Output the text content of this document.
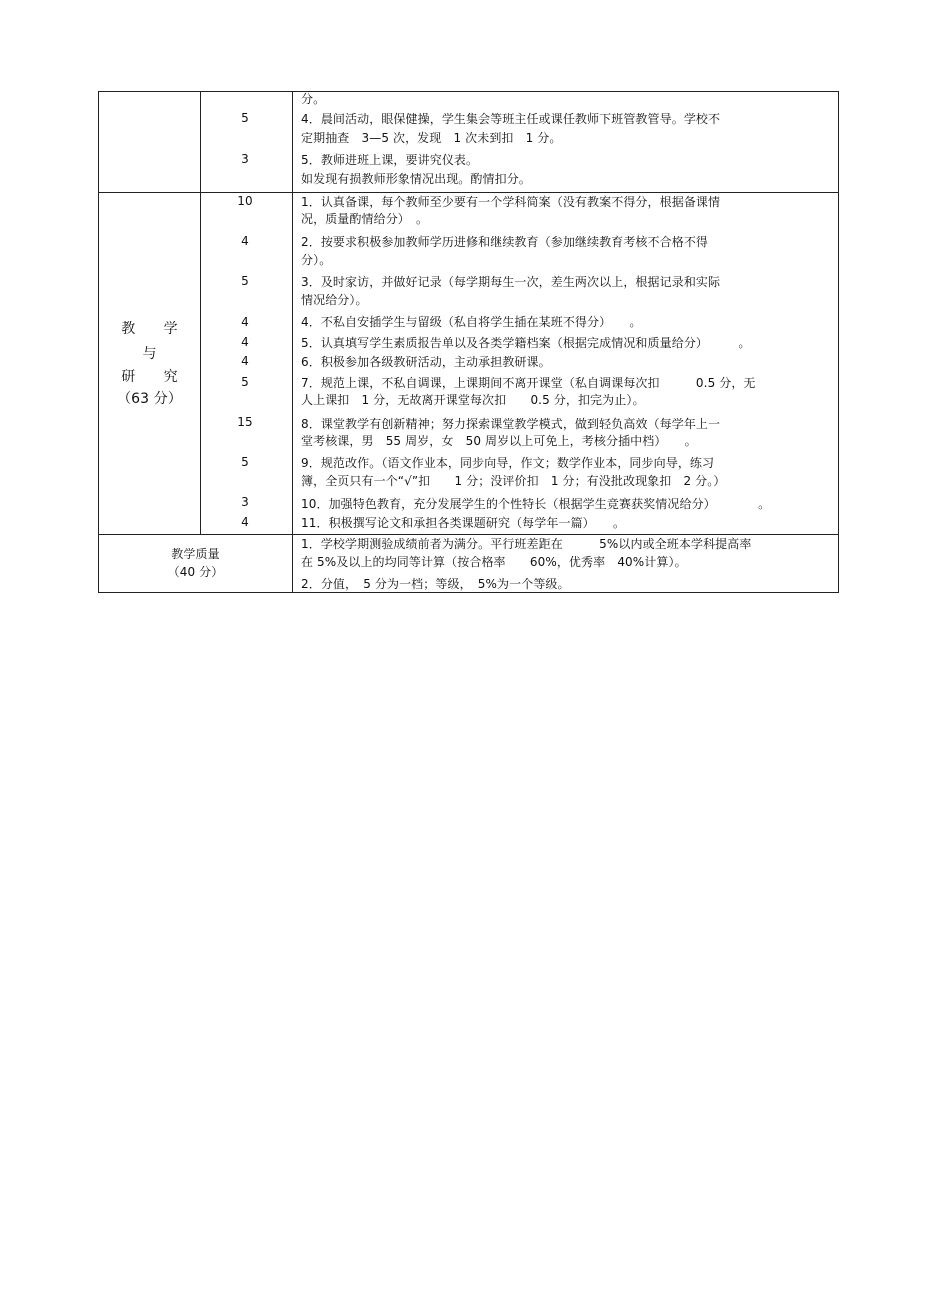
分。
5	4．晨间活动，眼保健操，学生集会等班主任或课任教师下班管教管导。学校不
定期抽查　3—5 次，发现　1 次未到扣　1 分。
3	5．教师进班上课，要讲究仪表。
如发现有损教师形象情况出现。酌情扣分。
教　　学
与
研　　究
（63 分）
10	1．认真备课，每个教师至少要有一个学科简案（没有教案不得分，根据备课情
况，质量酌情给分）　。
4	2．按要求积极参加教师学历进修和继续教育（参加继续教育考核不合格不得
分）。
5	3．及时家访，并做好记录（每学期每生一次，差生两次以上，根据记录和实际
情况给分）。
4	4．不私自安插学生与留级（私自将学生插在某班不得分）　　。
4	5．认真填写学生素质报告单以及各类学籍档案（根据完成情况和质量给分）　　　。
4	6．积极参加各级教研活动，主动承担教研课。
5	7．规范上课，不私自调课，上课期间不离开课堂（私自调课每次扣　　　0.5 分，无
人上课扣　1 分，无故离开课堂每次扣　　0.5 分，扣完为止）。
15	8．课堂教学有创新精神；努力探索课堂教学模式，做到轻负高效（每学年上一
堂考核课，男　55 周岁，女　50 周岁以上可免上，考核分插中档）　　。
5	9．规范改作。（语文作业本，同步向导，作文；数学作业本，同步向导，练习
簿，全页只有一个“√”扣　　1 分；没评价扣　1 分；有没批改现象扣　2 分。）
3	10．加强特色教育，充分发展学生的个性特长（根据学生竞赛获奖情况给分）　　　　。
4	11．积极撰写论文和承担各类课题研究（每学年一篇）　　。
教学质量
（40 分）
1．学校学期测验成绩前者为满分。平行班差距在　　　5%以内或全班本学科提高率
在 5%及以上的均同等计算（按合格率　　60%，优秀率　40%计算）。
2．分值，　5 分为一档；等级，　5%为一个等级。
